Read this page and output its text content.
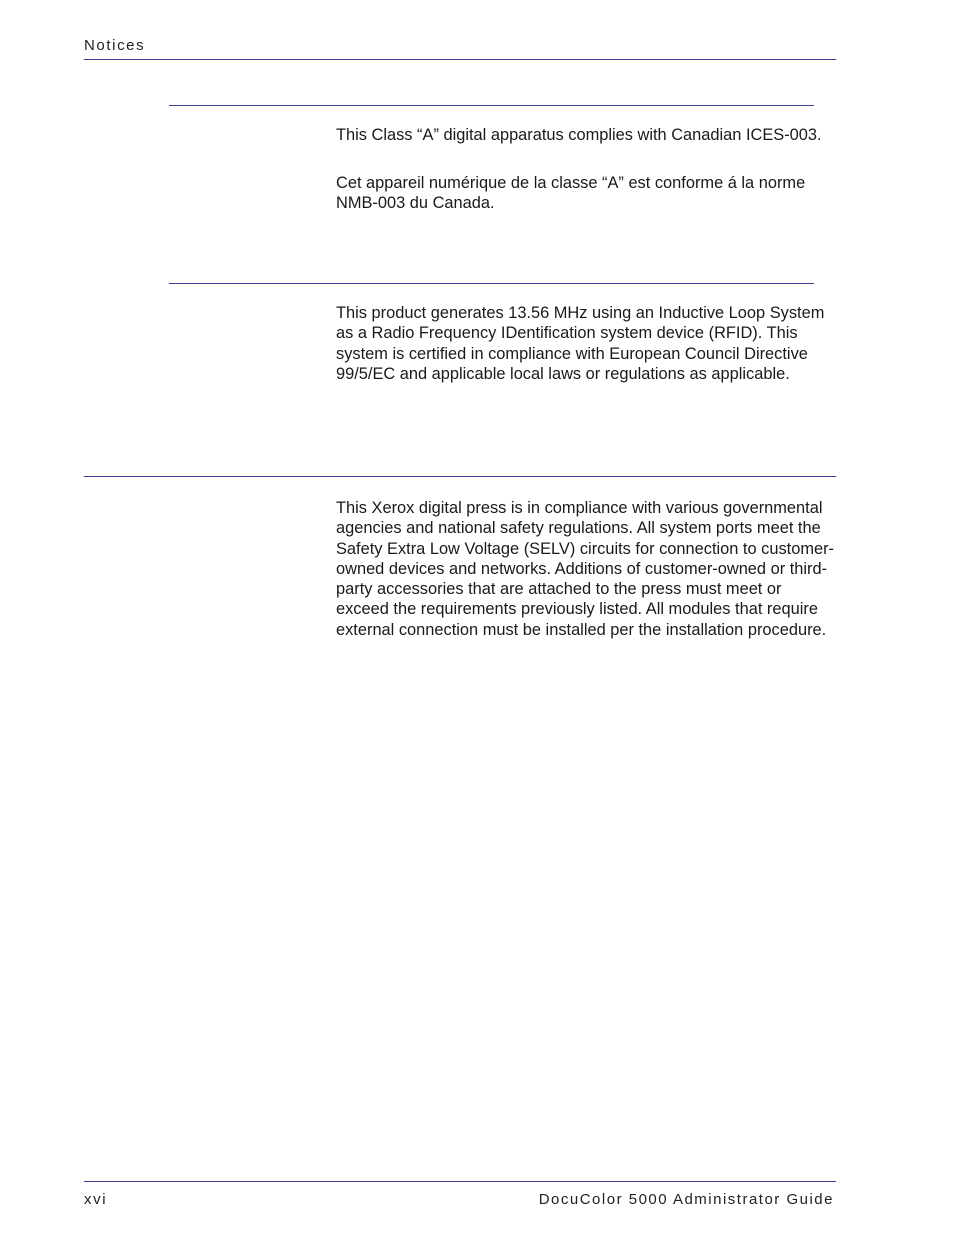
Notices

This Class “A” digital apparatus complies with Canadian ICES-003.

Cet appareil numérique de la classe “A” est conforme á la norme NMB-003 du Canada.

This product generates 13.56 MHz using an Inductive Loop System as a Radio Frequency IDentification system device (RFID). This system is certified in compliance with European Council Directive 99/5/EC and applicable local laws or regulations as applicable.

This Xerox digital press is in compliance with various governmental agencies and national safety regulations. All system ports meet the Safety Extra Low Voltage (SELV) circuits for connection to customer-owned devices and networks. Additions of customer-owned or third-party accessories that are attached to the press must meet or exceed the requirements previously listed. All modules that require external connection must be installed per the installation procedure.

xvi	DocuColor 5000 Administrator Guide
